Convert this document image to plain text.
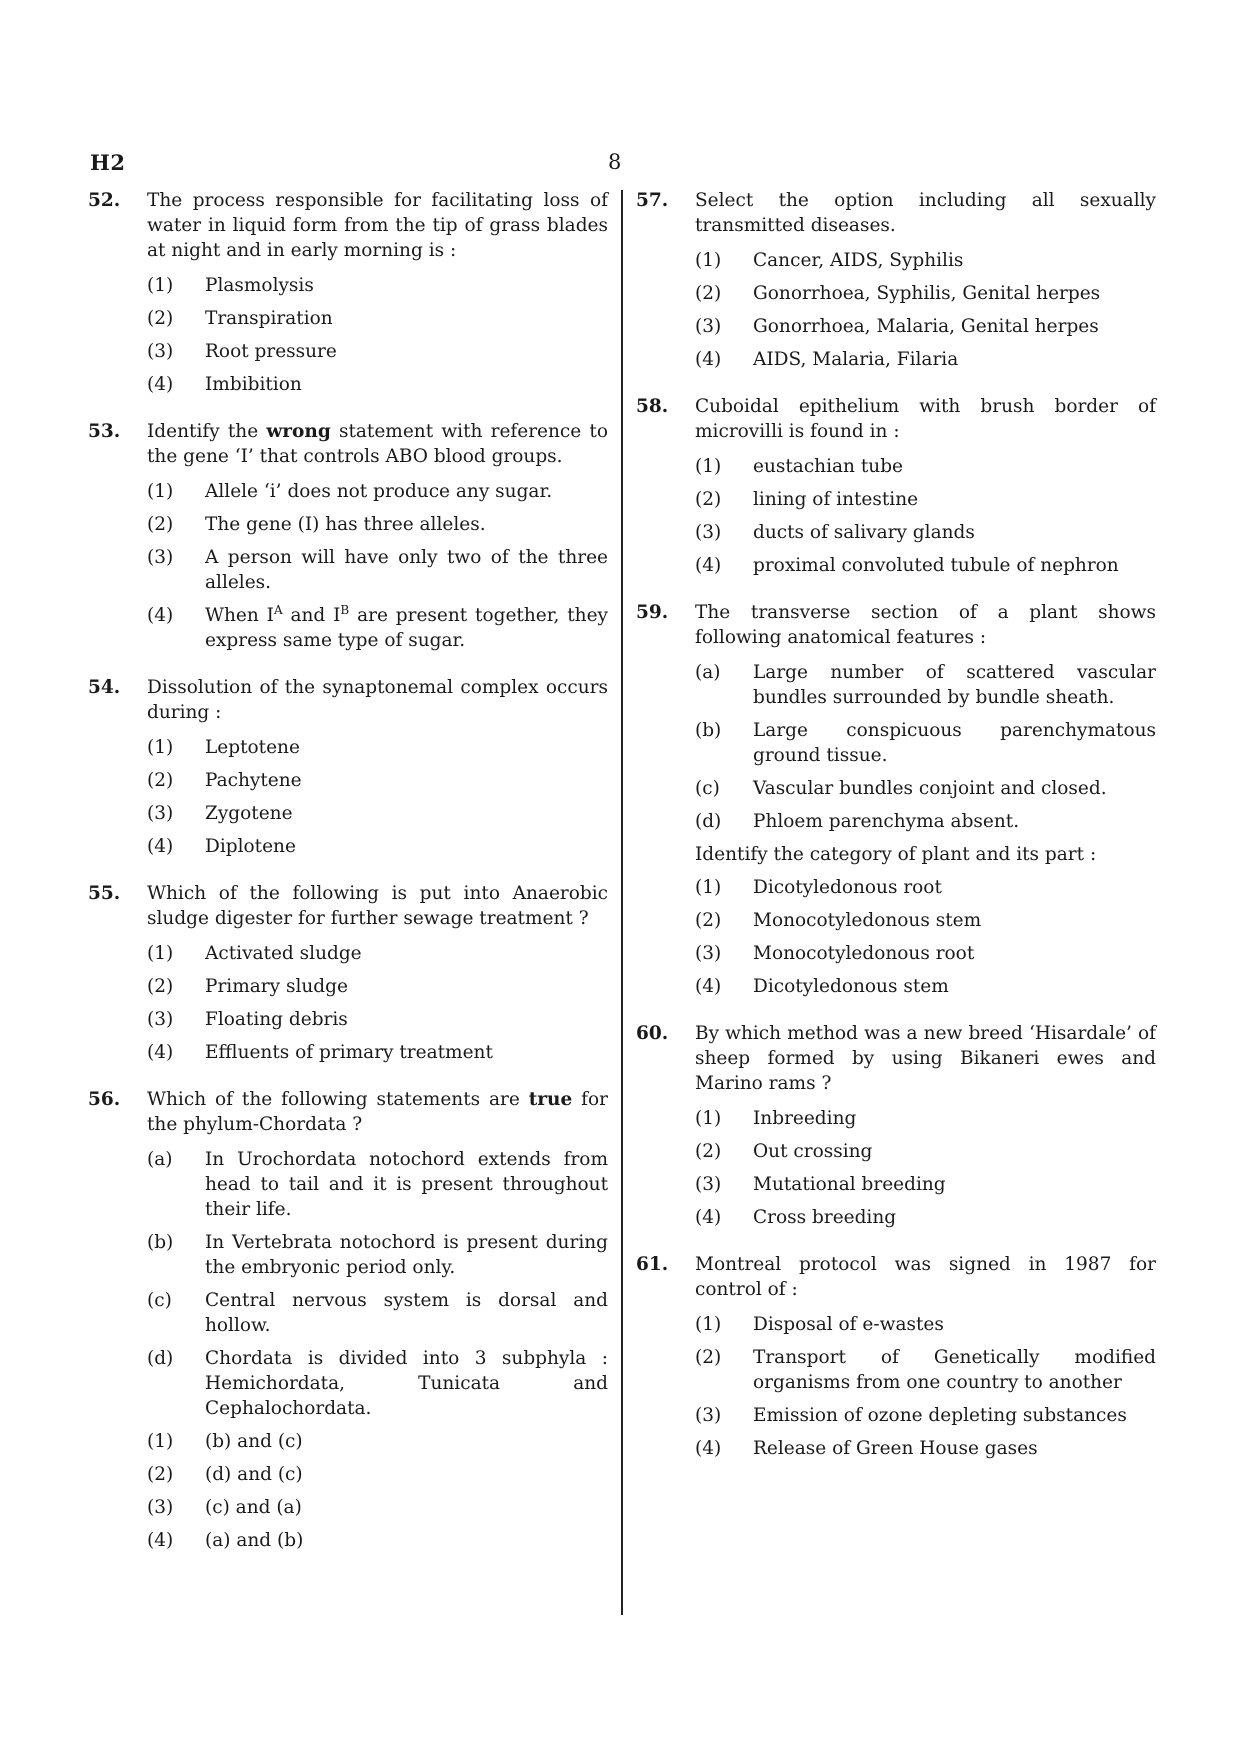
H2	8
52.	The process responsible for facilitating loss of water in liquid form from the tip of grass blades at night and in early morning is :
(1)	Plasmolysis
(2)	Transpiration
(3)	Root pressure
(4)	Imbibition
53.	Identify the wrong statement with reference to the gene ‘I’ that controls ABO blood groups.
(1)	Allele ‘i’ does not produce any sugar.
(2)	The gene (I) has three alleles.
(3)	A person will have only two of the three alleles.
(4)	When $I^A$ and $I^B$ are present together, they express same type of sugar.
54.	Dissolution of the synaptonemal complex occurs during :
(1)	Leptotene
(2)	Pachytene
(3)	Zygotene
(4)	Diplotene
55.	Which of the following is put into Anaerobic sludge digester for further sewage treatment ?
(1)	Activated sludge
(2)	Primary sludge
(3)	Floating debris
(4)	Effluents of primary treatment
56.	Which of the following statements are true for the phylum-Chordata ?
(a)	In Urochordata notochord extends from head to tail and it is present throughout their life.
(b)	In Vertebrata notochord is present during the embryonic period only.
(c)	Central nervous system is dorsal and hollow.
(d)	Chordata is divided into 3 subphyla : Hemichordata, Tunicata and Cephalochordata.
(1)	(b) and (c)
(2)	(d) and (c)
(3)	(c) and (a)
(4)	(a) and (b)
57.	Select the option including all sexually transmitted diseases.
(1)	Cancer, AIDS, Syphilis
(2)	Gonorrhoea, Syphilis, Genital herpes
(3)	Gonorrhoea, Malaria, Genital herpes
(4)	AIDS, Malaria, Filaria
58.	Cuboidal epithelium with brush border of microvilli is found in :
(1)	eustachian tube
(2)	lining of intestine
(3)	ducts of salivary glands
(4)	proximal convoluted tubule of nephron
59.	The transverse section of a plant shows following anatomical features :
(a)	Large number of scattered vascular bundles surrounded by bundle sheath.
(b)	Large conspicuous parenchymatous ground tissue.
(c)	Vascular bundles conjoint and closed.
(d)	Phloem parenchyma absent.
Identify the category of plant and its part :
(1)	Dicotyledonous root
(2)	Monocotyledonous stem
(3)	Monocotyledonous root
(4)	Dicotyledonous stem
60.	By which method was a new breed ‘Hisardale’ of sheep formed by using Bikaneri ewes and Marino rams ?
(1)	Inbreeding
(2)	Out crossing
(3)	Mutational breeding
(4)	Cross breeding
61.	Montreal protocol was signed in 1987 for control of :
(1)	Disposal of e-wastes
(2)	Transport of Genetically modified organisms from one country to another
(3)	Emission of ozone depleting substances
(4)	Release of Green House gases
